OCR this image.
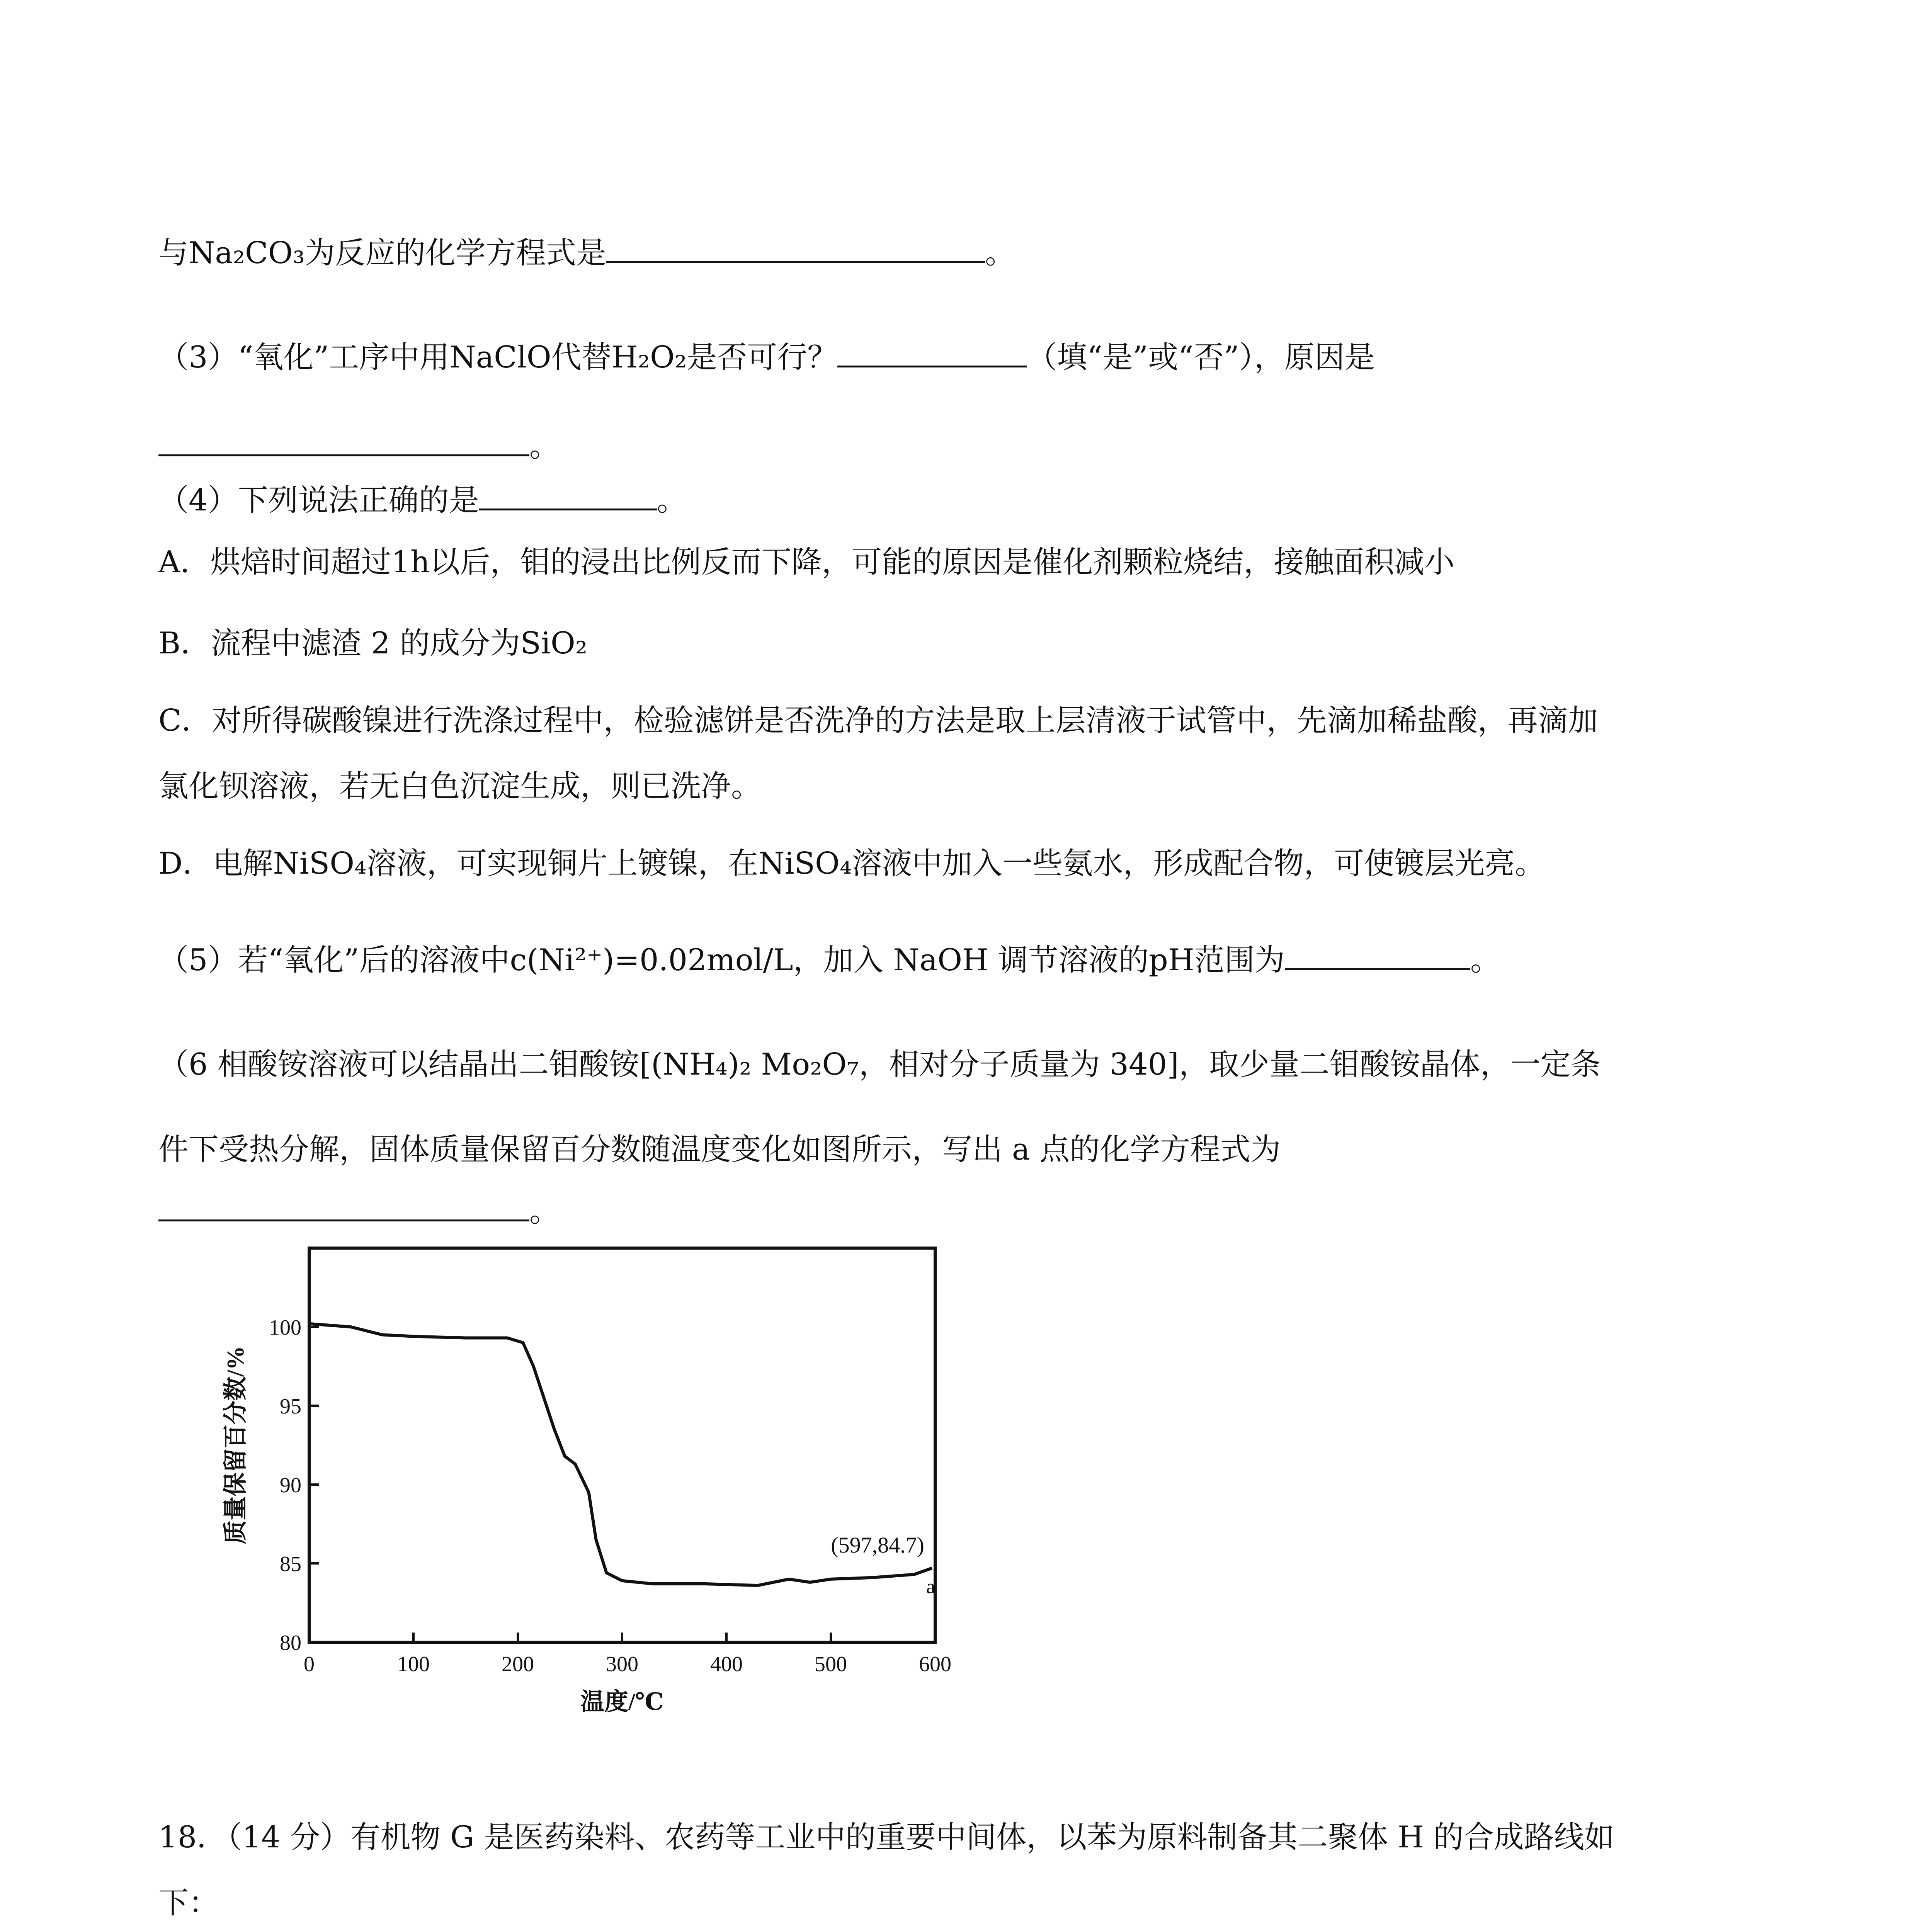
与Na₂CO₃为反应的化学方程式是	。
（3）“氧化”工序中用NaClO代替H₂O₂是否可行？	（填“是”或“否”），原因是
。
（4）下列说法正确的是	。
A．烘焙时间超过1h以后，钼的浸出比例反而下降，可能的原因是催化剂颗粒烧结，接触面积减小
B．流程中滤渣 2 的成分为SiO₂
C．对所得碳酸镍进行洗涤过程中，检验滤饼是否洗净的方法是取上层清液于试管中，先滴加稀盐酸，再滴加
氯化钡溶液，若无白色沉淀生成，则已洗净。
D．电解NiSO₄溶液，可实现铜片上镀镍，在NiSO₄溶液中加入一些氨水，形成配合物，可使镀层光亮。
（5）若“氧化”后的溶液中c(Ni²⁺)=0.02mol/L，加入 NaOH 调节溶液的pH范围为	。
（6 相酸铵溶液可以结晶出二钼酸铵[(NH₄)₂ Mo₂O₇，相对分子质量为 340]，取少量二钼酸铵晶体，一定条
件下受热分解，固体质量保留百分数随温度变化如图所示，写出 a 点的化学方程式为
。
0	100	200	300	400	500	600
80
85
90
95
100
温度/℃
质量保留百分数/%
(597,84.7)
a
18．（14 分）有机物 G 是医药染料、农药等工业中的重要中间体，以苯为原料制备其二聚体 H 的合成路线如
下：
